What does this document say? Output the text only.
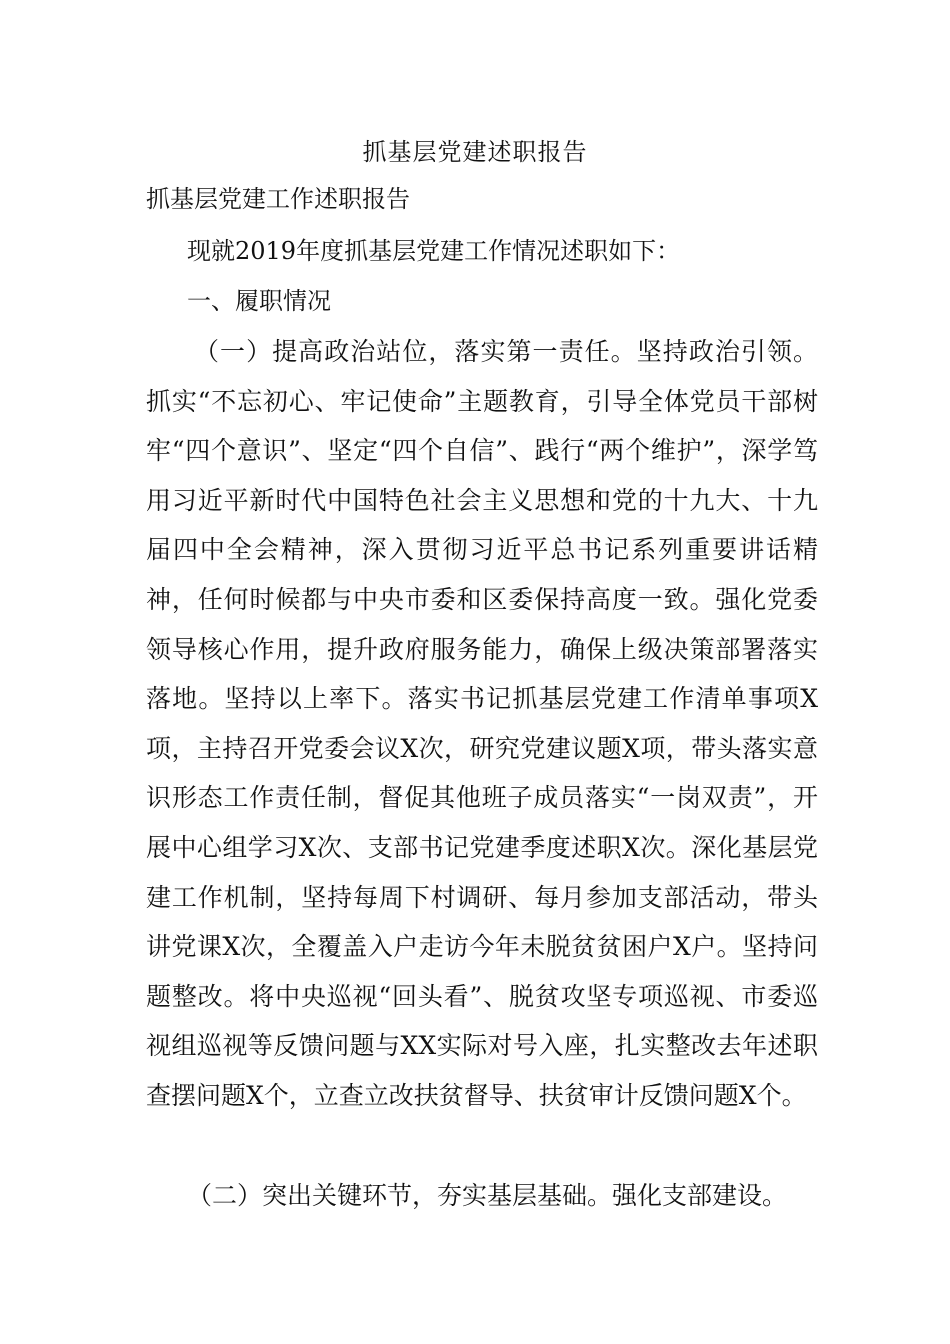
抓基层党建述职报告
抓基层党建工作述职报告
现就2019年度抓基层党建工作情况述职如下：
一、履职情况
（一）提高政治站位，落实第一责任。坚持政治引领。抓实“不忘初心、牢记使命”主题教育，引导全体党员干部树牢“四个意识”、坚定“四个自信”、践行“两个维护”，深学笃用习近平新时代中国特色社会主义思想和党的十九大、十九届四中全会精神，深入贯彻习近平总书记系列重要讲话精神，任何时候都与中央市委和区委保持高度一致。强化党委领导核心作用，提升政府服务能力，确保上级决策部署落实落地。坚持以上率下。落实书记抓基层党建工作清单事项X项，主持召开党委会议X次，研究党建议题X项，带头落实意识形态工作责任制，督促其他班子成员落实“一岗双责”，开展中心组学习X次、支部书记党建季度述职X次。深化基层党建工作机制，坚持每周下村调研、每月参加支部活动，带头讲党课X次，全覆盖入户走访今年未脱贫贫困户X户。坚持问题整改。将中央巡视“回头看”、脱贫攻坚专项巡视、市委巡视组巡视等反馈问题与XX实际对号入座，扎实整改去年述职查摆问题X个，立查立改扶贫督导、扶贫审计反馈问题X个。
（二）突出关键环节，夯实基层基础。强化支部建设。
